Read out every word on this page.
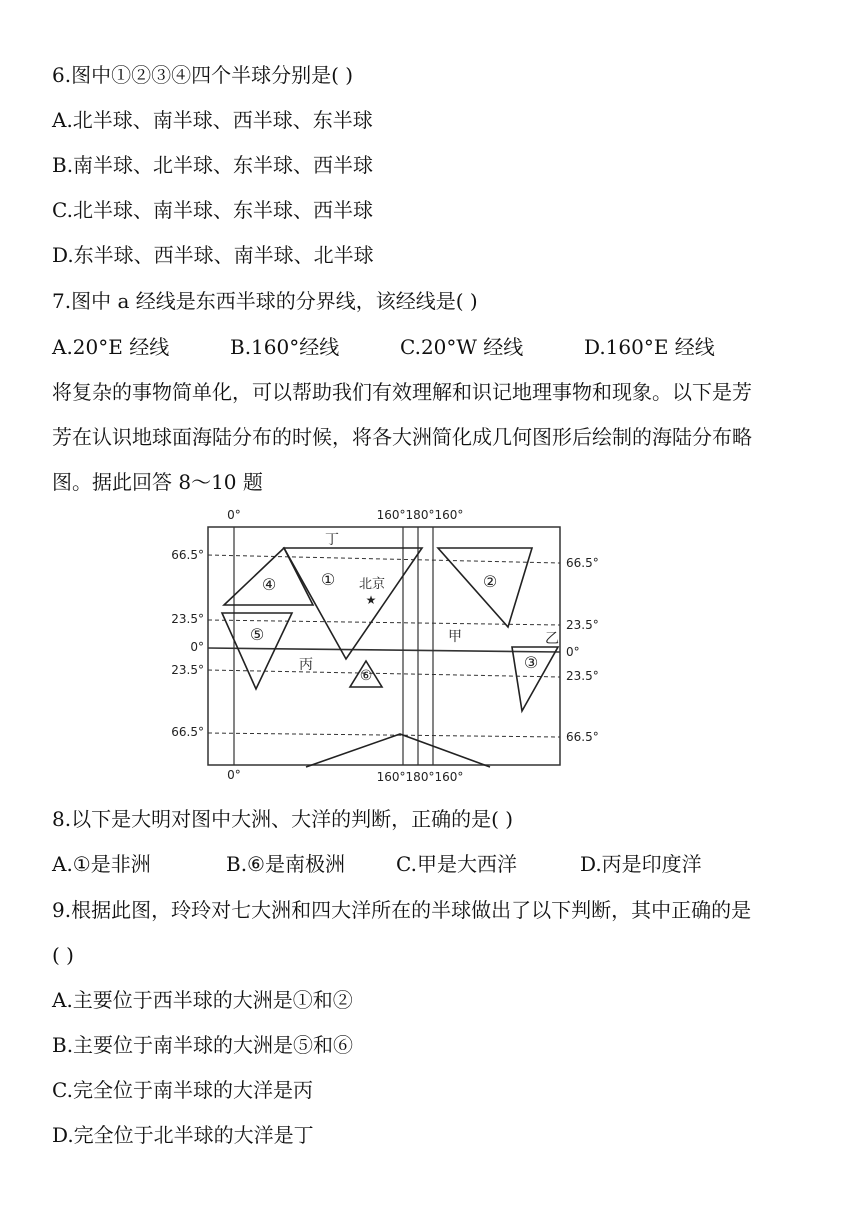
6.图中①②③④四个半球分别是( )
A.北半球、南半球、西半球、东半球
B.南半球、北半球、东半球、西半球
C.北半球、南半球、东半球、西半球
D.东半球、西半球、南半球、北半球
7.图中 a 经线是东西半球的分界线，该经线是( )
A.20°E 经线	B.160°经线	C.20°W 经线	D.160°E 经线
将复杂的事物简单化，可以帮助我们有效理解和识记地理事物和现象。以下是芳
芳在认识地球面海陆分布的时候，将各大洲简化成几何图形后绘制的海陆分布略
图。据此回答 8～10 题
0°	160°180°160°
0°	160°180°160°
66.5°
23.5°
0°
23.5°
66.5°
66.5°
23.5°
0°
23.5°
66.5°
①	②
③
④
⑤
⑥
丁
甲	乙
丙
北京
★
8.以下是大明对图中大洲、大洋的判断，正确的是( )
A.①是非洲	B.⑥是南极洲	C.甲是大西洋	D.丙是印度洋
9.根据此图，玲玲对七大洲和四大洋所在的半球做出了以下判断，其中正确的是
( )
A.主要位于西半球的大洲是①和②
B.主要位于南半球的大洲是⑤和⑥
C.完全位于南半球的大洋是丙
D.完全位于北半球的大洋是丁
